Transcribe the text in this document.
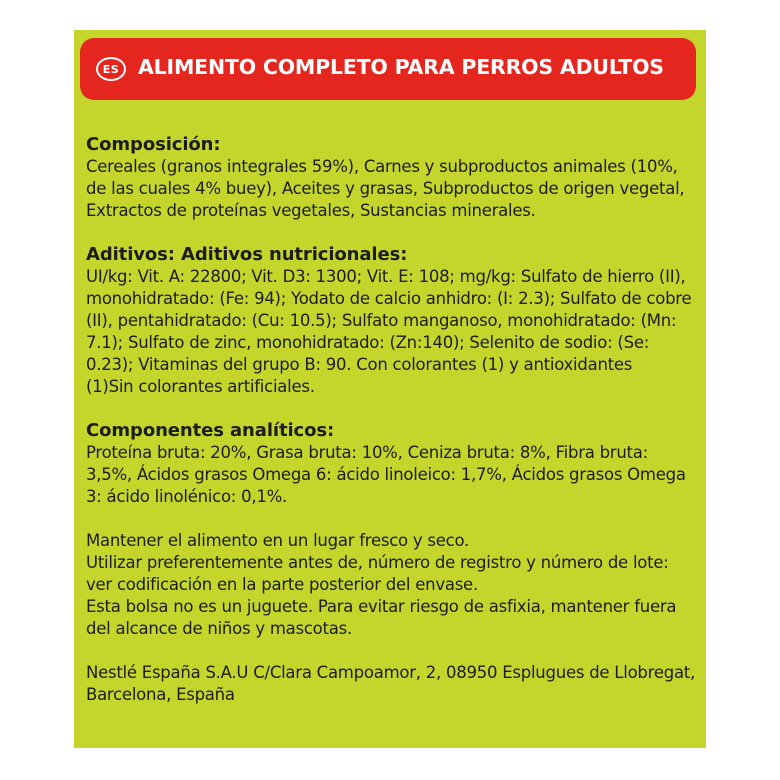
ES ALIMENTO COMPLETO PARA PERROS ADULTOS

Composición:

Cereales (granos integrales 59%), Carnes y subproductos animales (10%, de las cuales 4% buey), Aceites y grasas, Subproductos de origen vegetal, Extractos de proteínas vegetales, Sustancias minerales.

Aditivos: Aditivos nutricionales:

UI/kg: Vit. A: 22800; Vit. D3: 1300; Vit. E: 108; mg/kg: Sulfato de hierro (II), monohidratado: (Fe: 94); Yodato de calcio anhidro: (I: 2.3); Sulfato de cobre (II), pentahidratado: (Cu: 10.5); Sulfato manganoso, monohidratado: (Mn: 7.1); Sulfato de zinc, monohidratado: (Zn:140); Selenito de sodio: (Se: 0.23); Vitaminas del grupo B: 90. Con colorantes (1) y antioxidantes

(1)Sin colorantes artificiales.

Componentes analíticos:

Proteína bruta: 20%, Grasa bruta: 10%, Ceniza bruta: 8%, Fibra bruta: 3,5%, Ácidos grasos Omega 6: ácido linoleico: 1,7%, Ácidos grasos Omega 3: ácido linolénico: 0,1%.

Mantener el alimento en un lugar fresco y seco.

Utilizar preferentemente antes de, número de registro y número de lote: ver codificación en la parte posterior del envase.

Esta bolsa no es un juguete. Para evitar riesgo de asfixia, mantener fuera del alcance de niños y mascotas.

Nestlé España S.A.U C/Clara Campoamor, 2, 08950 Esplugues de Llobregat, Barcelona, España
